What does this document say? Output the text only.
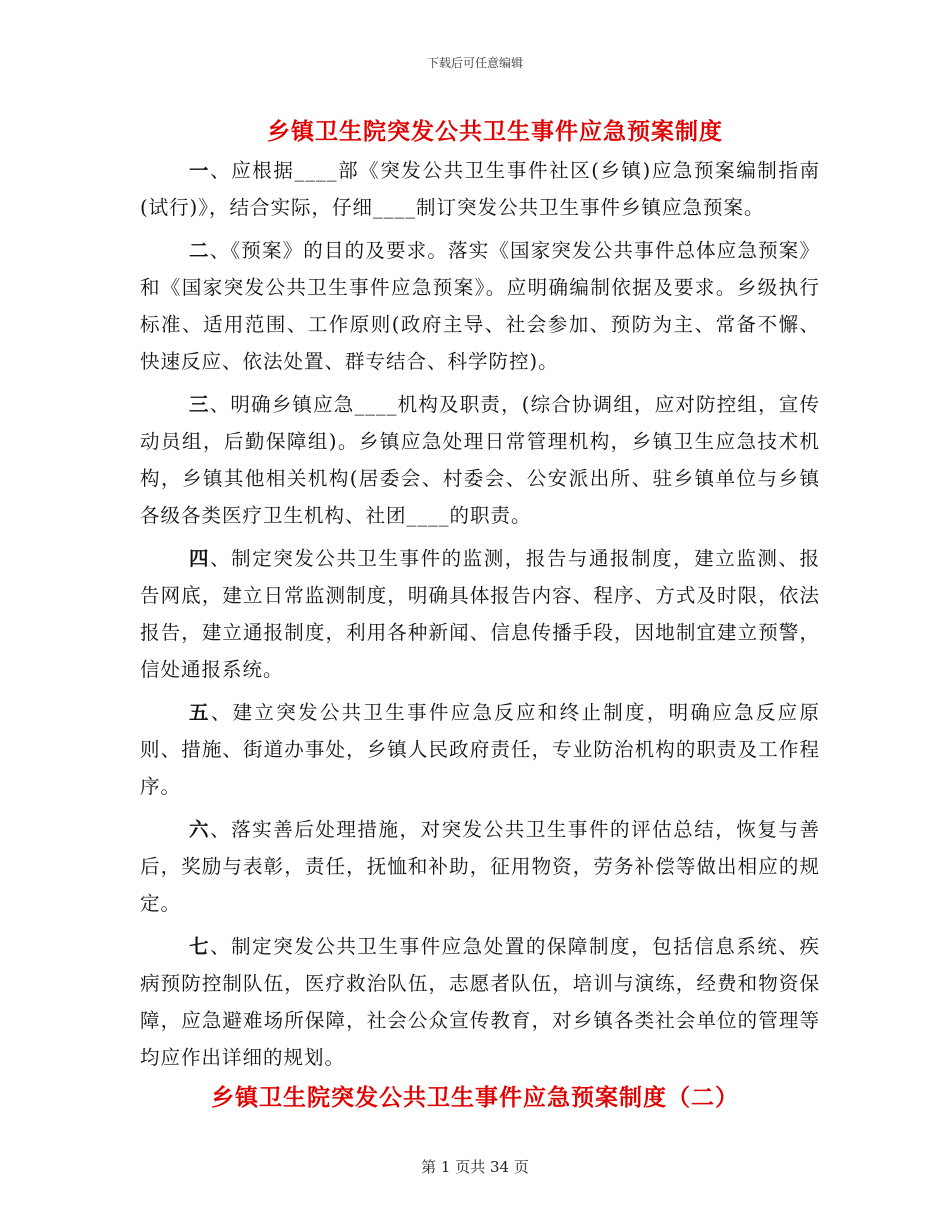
下载后可任意编辑
乡镇卫生院突发公共卫生事件应急预案制度

一、应根据____部《突发公共卫生事件社区(乡镇)应急预案编制指南(试行)》，结合实际，仔细____制订突发公共卫生事件乡镇应急预案。

二、《预案》的目的及要求。落实《国家突发公共事件总体应急预案》和《国家突发公共卫生事件应急预案》。应明确编制依据及要求。乡级执行标准、适用范围、工作原则(政府主导、社会参加、预防为主、常备不懈、快速反应、依法处置、群专结合、科学防控)。

三、明确乡镇应急____机构及职责，(综合协调组，应对防控组，宣传动员组，后勤保障组)。乡镇应急处理日常管理机构，乡镇卫生应急技术机构，乡镇其他相关机构(居委会、村委会、公安派出所、驻乡镇单位与乡镇各级各类医疗卫生机构、社团____的职责。

四、制定突发公共卫生事件的监测，报告与通报制度，建立监测、报告网底，建立日常监测制度，明确具体报告内容、程序、方式及时限，依法报告，建立通报制度，利用各种新闻、信息传播手段，因地制宜建立预警，信处通报系统。

五、建立突发公共卫生事件应急反应和终止制度，明确应急反应原则、措施、街道办事处，乡镇人民政府责任，专业防治机构的职责及工作程序。

六、落实善后处理措施，对突发公共卫生事件的评估总结，恢复与善后，奖励与表彰，责任，抚恤和补助，征用物资，劳务补偿等做出相应的规定。

七、制定突发公共卫生事件应急处置的保障制度，包括信息系统、疾病预防控制队伍，医疗救治队伍，志愿者队伍，培训与演练，经费和物资保障，应急避难场所保障，社会公众宣传教育，对乡镇各类社会单位的管理等均应作出详细的规划。

乡镇卫生院突发公共卫生事件应急预案制度（二）
第 1 页共 34 页
